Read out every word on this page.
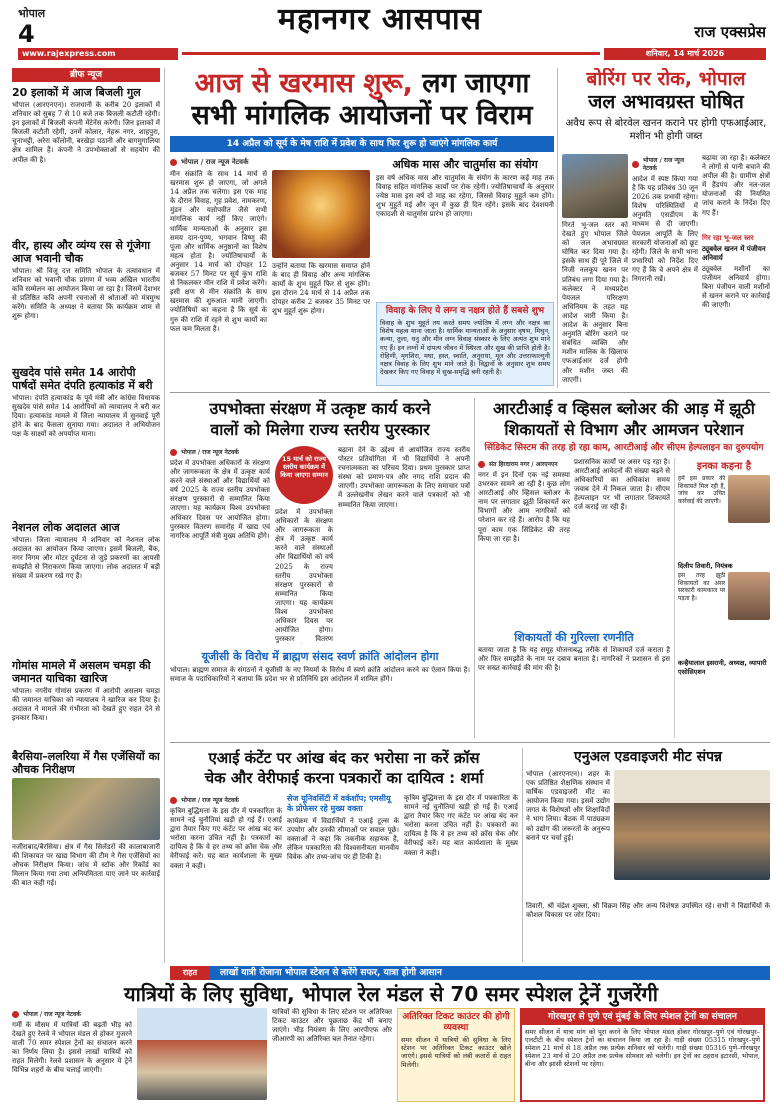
भोपाल
4	महानगर आसपास	राज एक्सप्रेस
www.rajexpress.com	शनिवार, 14 मार्च 2026
ब्रीफ न्यूज
20 इलाकों में आज बिजली गुल
भोपाल (आरएनएन)। राजधानी के करीब 20 इलाकों में शनिवार को सुबह 7 से 10 बजे तक बिजली कटौती रहेगी। इन इलाकों में बिजली कंपनी मेंटेनेंस करेगी। जिन इलाकों में बिजली कटौती रहेगी, उनमें कोलार, नेहरू नगर, शाहपुरा, चूनाभट्टी, अरेरा कॉलोनी, बरखेड़ा पठानी और बागमुगालिया क्षेत्र शामिल हैं। कंपनी ने उपभोक्ताओं से सहयोग की अपील की है।
वीर, हास्य और व्यंग्य रस से गूंजेगा आज भवानी चौक
भोपाल। श्री विजू दत्त समिति भोपाल के तत्वावधान में शनिवार को भवानी चौक प्रांगण में भव्य अखिल भारतीय कवि सम्मेलन का आयोजन किया जा रहा है। जिसमें देशभर से प्रतिष्ठित कवि अपनी रचनाओं से श्रोताओं को मंत्रमुग्ध करेंगे। समिति के अध्यक्ष ने बताया कि कार्यक्रम शाम से शुरू होगा।
सुखदेव पांसे समेत 14 आरोपी पार्षदों समेत दंपति हत्याकांड में बरी
भोपाल। दंपति हत्याकांड के पूर्व मंत्री और कांग्रेस विधायक सुखदेव पांसे समेत 14 आरोपियों को न्यायालय ने बरी कर दिया। हत्याकांड मामले में जिला न्यायालय में सुनवाई पूरी होने के बाद फैसला सुनाया गया। अदालत ने अभियोजन पक्ष के साक्ष्यों को अपर्याप्त माना।
नेशनल लोक अदालत आज
भोपाल। जिला न्यायालय में शनिवार को नेशनल लोक अदालत का आयोजन किया जाएगा। इसमें बिजली, बैंक, नगर निगम और मोटर दुर्घटना से जुड़े प्रकरणों का आपसी समझौते से निराकरण किया जाएगा। लोक अदालत में बड़ी संख्या में प्रकरण रखे गए हैं।
गोमांस मामले में असलम चमड़ा की जमानत याचिका खारिज
भोपाल। नगरीय गोमांस प्रकरण में आरोपी असलम चमड़ा की जमानत याचिका को न्यायालय ने खारिज कर दिया है। अदालत ने मामले की गंभीरता को देखते हुए राहत देने से इनकार किया।
बैरसिया–ललरिया में गैस एजेंसियों का औचक निरीक्षण
नजीराबाद/बैरसिया। क्षेत्र में गैस सिलेंडरों की कालाबाजारी की शिकायत पर खाद्य विभाग की टीम ने गैस एजेंसियों का औचक निरीक्षण किया। जांच में स्टॉक और रिकॉर्ड का मिलान किया गया तथा अनियमितता पाए जाने पर कार्रवाई की बात कही गई।
आज से खरमास शुरू, लग जाएगा
सभी मांगलिक आयोजनों पर विराम
14 अप्रैल को सूर्य के मेष राशि में प्रवेश के साथ फिर शुरू हो जाएंगे मांगलिक कार्य
भोपाल / राज न्यूज नेटवर्क
मीन संक्रांति के साथ 14 मार्च से खरमास शुरू हो जाएगा, जो अगले 14 अप्रैल तक चलेगा। इस एक माह के दौरान विवाह, गृह प्रवेश, नामकरण, मुंडन और यज्ञोपवीत जैसे सभी मांगलिक कार्य नहीं किए जाएंगे। धार्मिक मान्यताओं के अनुसार इस समय दान-पुण्य, भगवान विष्णु की पूजा और धार्मिक अनुष्ठानों का विशेष महत्व होता है। ज्योतिषाचार्यों के अनुसार 14 मार्च को दोपहर 12 बजकर 57 मिनट पर सूर्य कुंभ राशि से निकलकर मीन राशि में प्रवेश करेंगे। इसी क्षण से मीन संक्रांति के साथ खरमास की शुरुआत मानी जाएगी। ज्योतिषियों का कहना है कि सूर्य के गुरु की राशि में रहने से शुभ कार्यों का फल कम मिलता है।
उन्होंने बताया कि खरमास समाप्त होने के बाद ही विवाह और अन्य मांगलिक कार्यों के शुभ मुहूर्त फिर से शुरू होंगे। इस दौरान 24 मार्च से 14 अप्रैल तक दोपहर करीब 2 बजकर 35 मिनट पर शुभ मुहूर्त शुरू होगा।
अधिक मास और चातुर्मास का संयोग
इस वर्ष अधिक मास और चातुर्मास के संयोग के कारण कई माह तक विवाह सहित मांगलिक कार्यों पर रोक रहेगी। ज्योतिषाचार्यों के अनुसार ज्येष्ठ मास इस वर्ष दो माह का रहेगा, जिससे विवाह मुहूर्त कम होंगे। शुभ मुहूर्त मई और जून में कुछ ही दिन रहेंगे। इसके बाद देवशयनी एकादशी से चातुर्मास प्रारंभ हो जाएगा।
विवाह के लिए ये लग्न व नक्षत्र होते हैं सबसे शुभ
विवाह के शुभ मुहूर्त तय करते समय ज्योतिष में लग्न और नक्षत्र का विशेष महत्व माना जाता है। धार्मिक मान्यताओं के अनुसार वृषभ, मिथुन, कन्या, तुला, धनु और मीन लग्न विवाह संस्कार के लिए अत्यंत शुभ माने गए हैं। इन लग्नों में दांपत्य जीवन में स्थिरता और सुख की प्राप्ति होती है। रोहिणी, मृगशिरा, मघा, हस्त, स्वाति, अनुराधा, मूल और उत्तराफाल्गुनी नक्षत्र विवाह के लिए शुभ माने जाते हैं। विद्वानों के अनुसार शुभ समय देखकर किए गए विवाह में सुख-समृद्धि बनी रहती है।
बोरिंग पर रोक, भोपाल
जल अभावग्रस्त घोषित
अवैध रूप से बोरवेल खनन कराने पर होगी एफआईआर, मशीन भी होगी जब्त
गिरते भू-जल स्तर को देखते हुए भोपाल जिले को जल अभावग्रस्त घोषित कर दिया गया है। इसके साथ ही पूरे जिले में निजी नलकूप खनन पर प्रतिबंध लगा दिया गया है। कलेक्टर ने मध्यप्रदेश पेयजल परिरक्षण अधिनियम के तहत यह आदेश जारी किया है। आदेश के अनुसार बिना अनुमति बोरिंग कराने पर संबंधित व्यक्ति और मशीन मालिक के खिलाफ एफआईआर दर्ज होगी और मशीन जब्त की जाएगी।
भोपाल / राज न्यूज नेटवर्क
आदेश में स्पष्ट किया गया है कि यह प्रतिबंध 30 जून 2026 तक प्रभावी रहेगा। विशेष परिस्थितियों में अनुमति एसडीएम के माध्यम से दी जाएगी। पेयजल आपूर्ति के लिए सरकारी योजनाओं को छूट रहेगी। जिले के सभी थाना प्रभारियों को निर्देश दिए गए हैं कि वे अपने क्षेत्र में निगरानी रखें।
बढ़ाया जा रहा है। कलेक्टर ने लोगों से पानी बचाने की अपील की है। ग्रामीण क्षेत्रों में हैंडपंप और नल-जल योजनाओं की नियमित जांच कराने के निर्देश दिए गए हैं।
गिर रहा भू-जल स्तर
ट्यूबवेल खनन में पंजीयन अनिवार्य
ट्यूबवेल मशीनों का पंजीयन अनिवार्य होगा। बिना पंजीयन वाली मशीनों से खनन कराने पर कार्रवाई की जाएगी।
उपभोक्ता संरक्षण में उत्कृष्ट कार्य करने
वालों को मिलेगा राज्य स्तरीय पुरस्कार
भोपाल / राज न्यूज नेटवर्क
प्रदेश में उपभोक्ता अधिकारों के संरक्षण और जागरूकता के क्षेत्र में उत्कृष्ट कार्य करने वाले संस्थाओं और विद्यार्थियों को वर्ष 2025 के राज्य स्तरीय उपभोक्ता संरक्षण पुरस्कारों से सम्मानित किया जाएगा। यह कार्यक्रम विश्व उपभोक्ता अधिकार दिवस पर आयोजित होगा। पुरस्कार वितरण समारोह में खाद्य एवं नागरिक आपूर्ति मंत्री मुख्य अतिथि होंगे।
15 मार्च को राज्य स्तरीय कार्यक्रम में किया जाएगा सम्मान
प्रदेश में उपभोक्ता अधिकारों के संरक्षण और जागरूकता के क्षेत्र में उत्कृष्ट कार्य करने वाले संस्थाओं और विद्यार्थियों को वर्ष 2025 के राज्य स्तरीय उपभोक्ता संरक्षण पुरस्कारों से सम्मानित किया जाएगा। यह कार्यक्रम विश्व उपभोक्ता अधिकार दिवस पर आयोजित होगा। पुरस्कार वितरण
बढ़ाना देने के उद्देश्य से आयोजित राज्य स्तरीय पोस्टर प्रतियोगिता में भी विद्यार्थियों ने अपनी रचनात्मकता का परिचय दिया। प्रथम पुरस्कार प्राप्त संस्था को प्रमाण-पत्र और नगद राशि प्रदान की जाएगी। उपभोक्ता जागरूकता के लिए समाचार पत्रों में उल्लेखनीय लेखन करने वाले पत्रकारों को भी सम्मानित किया जाएगा।
यूजीसी के विरोध में ब्राह्मण संसद स्वर्ण क्रांति आंदोलन होगा
भोपाल। ब्राह्मण समाज के संगठनों ने यूजीसी के नए नियमों के विरोध में स्वर्ण क्रांति आंदोलन करने का ऐलान किया है। समाज के पदाधिकारियों ने बताया कि प्रदेश भर से प्रतिनिधि इस आंदोलन में शामिल होंगे।
आरटीआई व व्हिसल ब्लोअर की आड़ में झूठी
शिकायतों से विभाग और आमजन परेशान
सिंडिकेट सिस्टम की तरह हो रहा काम, आरटीआई और सीएम हेल्पलाइन का दुरुपयोग
संत हिरदाराम नगर / आरएनएन
नगर में इन दिनों एक नई समस्या उभरकर सामने आ रही है। कुछ लोग आरटीआई और व्हिसल ब्लोअर के नाम पर लगातार झूठी शिकायतें कर विभागों और आम नागरिकों को परेशान कर रहे हैं। आरोप है कि यह पूरा काम एक सिंडिकेट की तरह किया जा रहा है।
प्रशासनिक कार्यों पर असर पड़ रहा है। आरटीआई आवेदनों की संख्या बढ़ने से अधिकारियों का अधिकांश समय जवाब देने में निकल जाता है। सीएम हेल्पलाइन पर भी लगातार शिकायतें दर्ज कराई जा रही हैं।
इनका कहना है
हमें इस प्रकार की शिकायतें मिल रही हैं, जांच कर उचित कार्रवाई की जाएगी।
दिलीप तिवारी, नियंत्रक
इस तरह झूठी शिकायतों का असर सरकारी कामकाज पर पड़ता है।
कन्हैयालाल इसरानी, अध्यक्ष, व्यापारी एसोसिएशन
शिकायतों की गुरिल्ला रणनीति
बताया जाता है कि यह समूह योजनाबद्ध तरीके से शिकायतें दर्ज कराता है और फिर समझौते के नाम पर दबाव बनाता है। नागरिकों ने प्रशासन से इस पर सख्त कार्रवाई की मांग की है।
एआई कंटेंट पर आंख बंद कर भरोसा ना करें क्रॉस
चेक और वेरीफाई करना पत्रकारों का दायित्व : शर्मा
भोपाल / राज न्यूज नेटवर्क
कृत्रिम बुद्धिमत्ता के इस दौर में पत्रकारिता के सामने नई चुनौतियां खड़ी हो गई हैं। एआई द्वारा तैयार किए गए कंटेंट पर आंख बंद कर भरोसा करना उचित नहीं है। पत्रकारों का दायित्व है कि वे हर तथ्य को क्रॉस चेक और वेरीफाई करें। यह बात कार्यशाला के मुख्य वक्ता ने कही।
सेज यूनिवर्सिटी में वर्कशॉप; एमसीयू के प्रोफेसर रहे मुख्य वक्ता
कार्यक्रम में विद्यार्थियों ने एआई टूल्स के उपयोग और उनकी सीमाओं पर सवाल पूछे। वक्ताओं ने कहा कि तकनीक सहायक है, लेकिन पत्रकारिता की विश्वसनीयता मानवीय विवेक और तथ्य-जांच पर ही टिकी है।
कृत्रिम बुद्धिमत्ता के इस दौर में पत्रकारिता के सामने नई चुनौतियां खड़ी हो गई हैं। एआई द्वारा तैयार किए गए कंटेंट पर आंख बंद कर भरोसा करना उचित नहीं है। पत्रकारों का दायित्व है कि वे हर तथ्य को क्रॉस चेक और वेरीफाई करें। यह बात कार्यशाला के मुख्य वक्ता ने कही।
एनुअल एडवाइजरी मीट संपन्न
भोपाल (आरएनएन)। शहर के एक प्रतिष्ठित शैक्षणिक संस्थान में वार्षिक एडवाइजरी मीट का आयोजन किया गया। इसमें उद्योग जगत के विशेषज्ञों और शिक्षाविदों ने भाग लिया। बैठक में पाठ्यक्रम को उद्योग की जरूरतों के अनुरूप बनाने पर चर्चा हुई।
तिवारी, श्री चंद्रेश शुक्ला, श्री विक्रम सिंह और अन्य विशेषज्ञ उपस्थित रहे। सभी ने विद्यार्थियों के कौशल विकास पर जोर दिया।
राहत	लाखों यात्री रोजाना भोपाल स्टेशन से करेंगे सफर, यात्रा होगी आसान
यात्रियों के लिए सुविधा, भोपाल रेल मंडल से 70 समर स्पेशल ट्रेनें गुजरेंगी
भोपाल / राज न्यूज नेटवर्क
गर्मी के मौसम में यात्रियों की बढ़ती भीड़ को देखते हुए रेलवे ने भोपाल मंडल से होकर गुजरने वाली 70 समर स्पेशल ट्रेनों का संचालन करने का निर्णय लिया है। इससे लाखों यात्रियों को राहत मिलेगी। रेलवे प्रशासन के अनुसार ये ट्रेनें विभिन्न शहरों के बीच चलाई जाएंगी।
यात्रियों की सुविधा के लिए स्टेशन पर अतिरिक्त टिकट काउंटर और पूछताछ केंद्र भी बनाए जाएंगे। भीड़ नियंत्रण के लिए आरपीएफ और जीआरपी का अतिरिक्त बल तैनात रहेगा।
अतिरिक्त टिकट काउंटर की होगी व्यवस्था
समर सीजन में यात्रियों की सुविधा के लिए स्टेशन पर अतिरिक्त टिकट काउंटर खोले जाएंगे। इससे यात्रियों को लंबी कतारों से राहत मिलेगी।
गोरखपुर से पुणे एवं मुंबई के लिए स्पेशल ट्रेनों का संचालन
समर सीजन में यात्रा मांग को पूरा करने के लिए भोपाल मंडल होकर गोरखपुर–पुणे एवं गोरखपुर–एलटीटी के बीच स्पेशल ट्रेनों का संचालन किया जा रहा है। गाड़ी संख्या 05315 गोरखपुर–पुणे स्पेशल 21 मार्च से 18 अप्रैल तक प्रत्येक शनिवार को चलेगी। गाड़ी संख्या 05316 पुणे–गोरखपुर स्पेशल 23 मार्च से 20 अप्रैल तक प्रत्येक सोमवार को चलेगी। इन ट्रेनों का ठहराव इटारसी, भोपाल, बीना और झांसी स्टेशनों पर रहेगा।
